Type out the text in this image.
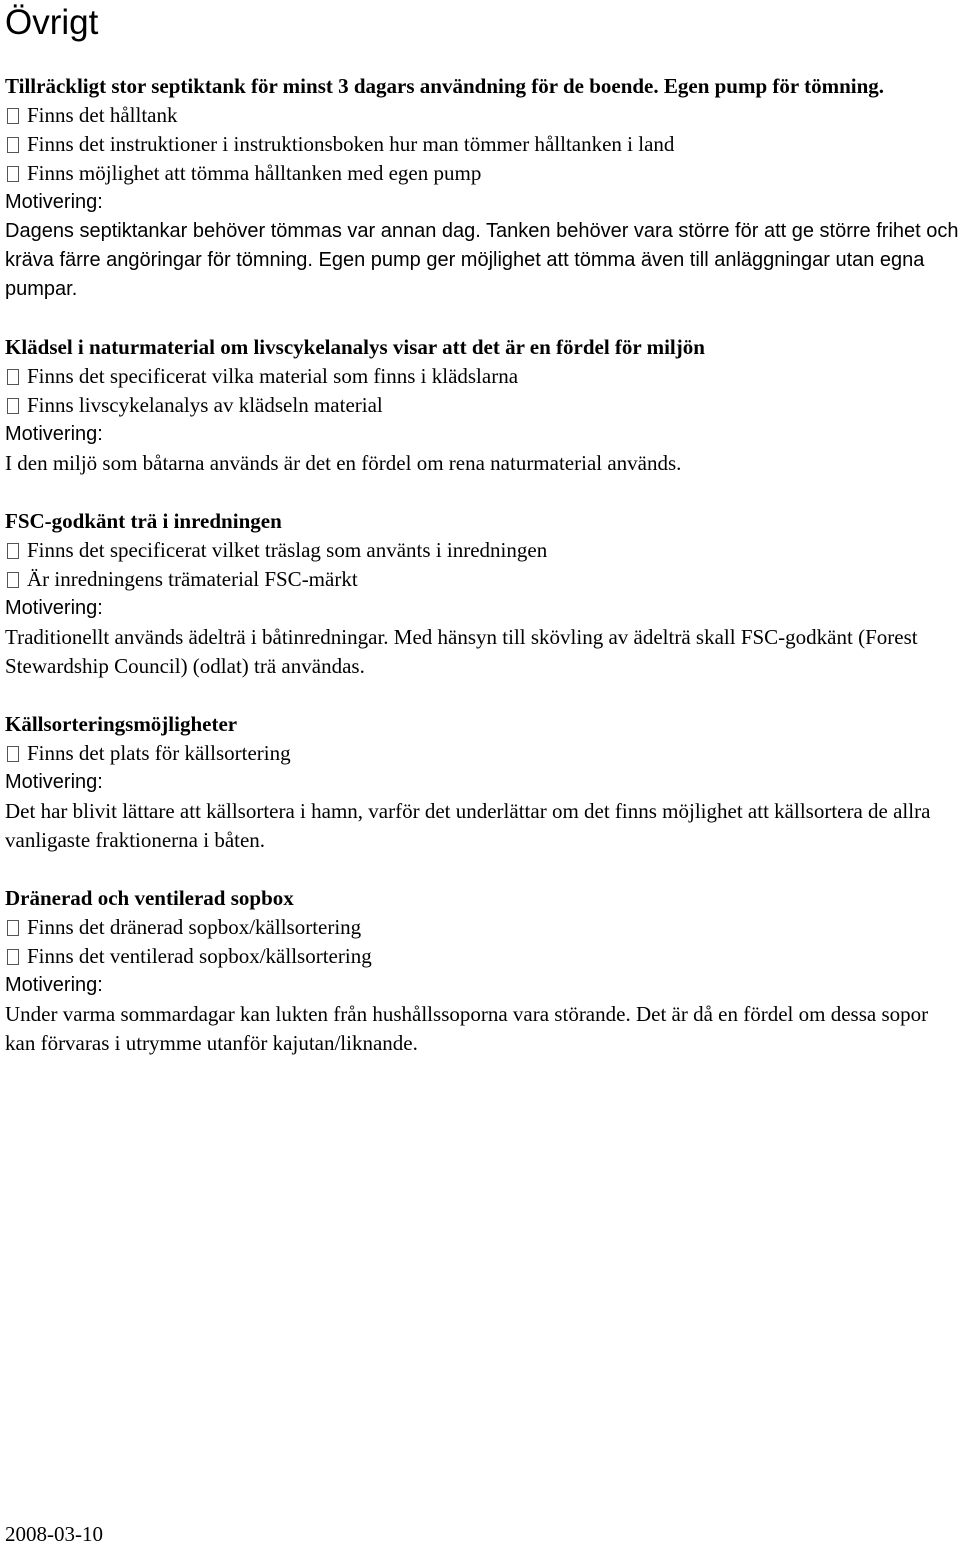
Övrigt

Tillräckligt stor septiktank för minst 3 dagars användning för de boende. Egen pump för tömning.

Finns det hålltank

Finns det instruktioner i instruktionsboken hur man tömmer hålltanken i land

Finns möjlighet att tömma hålltanken med egen pump

Motivering:

Dagens septiktankar behöver tömmas var annan dag. Tanken behöver vara större för att ge större frihet och kräva färre angöringar för tömning. Egen pump ger möjlighet att tömma även till anläggningar utan egna pumpar.

Klädsel i naturmaterial om livscykelanalys visar att det är en fördel för miljön

Finns det specificerat vilka material som finns i klädslarna

Finns livscykelanalys av klädseln material

Motivering:

I den miljö som båtarna används är det en fördel om rena naturmaterial används.

FSC-godkänt trä i inredningen

Finns det specificerat vilket träslag som använts i inredningen

Är inredningens trämaterial FSC-märkt

Motivering:

Traditionellt används ädelträ i båtinredningar. Med hänsyn till skövling av ädelträ skall FSC-godkänt (Forest Stewardship Council) (odlat) trä användas.

Källsorteringsmöjligheter

Finns det plats för källsortering

Motivering:

Det har blivit lättare att källsortera i hamn, varför det underlättar om det finns möjlighet att källsortera de allra vanligaste fraktionerna i båten.

Dränerad och ventilerad sopbox

Finns det dränerad sopbox/källsortering

Finns det ventilerad sopbox/källsortering

Motivering:

Under varma sommardagar kan lukten från hushållssoporna vara störande. Det är då en fördel om dessa sopor kan förvaras i utrymme utanför kajutan/liknande.

2008-03-10
